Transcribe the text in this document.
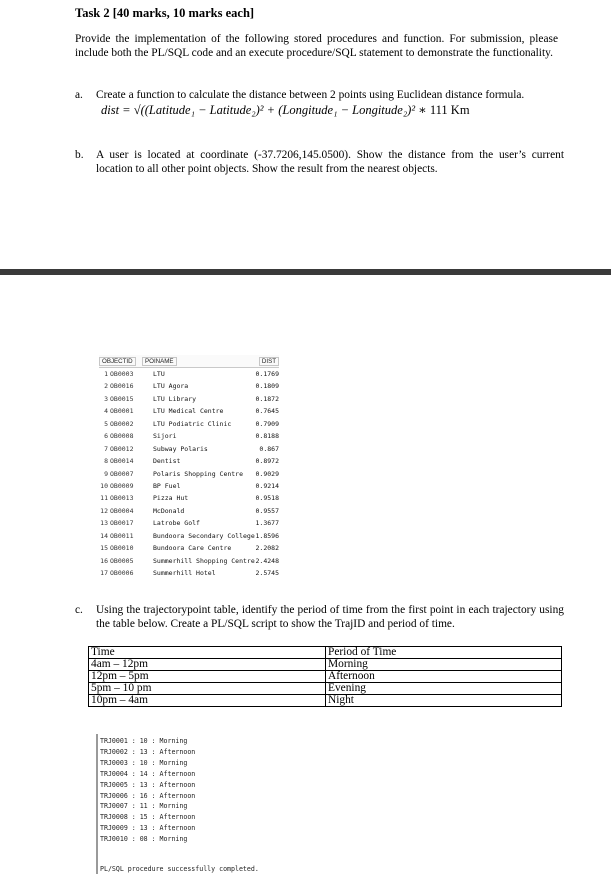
Task 2 [40 marks, 10 marks each]
Provide the implementation of the following stored procedures and function. For submission, please include both the PL/SQL code and an execute procedure/SQL statement to demonstrate the functionality.
a. Create a function to calculate the distance between 2 points using Euclidean distance formula.
dist = √((Latitude₁ − Latitude₂)² + (Longitude₁ − Longitude₂)² ∗ 111 Km
b. A user is located at coordinate (-37.7206,145.0500). Show the distance from the user’s current location to all other point objects. Show the result from the nearest objects.
OBJECTID	POINAME	DIST
1 OB0003	LTU	0.1769
2 OB0016	LTU Agora	0.1809
3 OB0015	LTU Library	0.1872
4 OB0001	LTU Medical Centre	0.7645
5 OB0002	LTU Podiatric Clinic	0.7909
6 OB0008	Sijori	0.8188
7 OB0012	Subway Polaris	0.867
8 OB0014	Dentist	0.8972
9 OB0007	Polaris Shopping Centre 0.9029
10 OB0009	BP Fuel	0.9214
11 OB0013	Pizza Hut	0.9518
12 OB0004	McDonald	0.9557
13 OB0017	Latrobe Golf	1.3677
14 OB0011	Bundoora Secondary College 1.8596
15 OB0010	Bundoora Care Centre	2.2082
16 OB0005	Summerhill Shopping Centre 2.4248
17 OB0006	Summerhill Hotel	2.5745
c. Using the trajectorypoint table, identify the period of time from the first point in each trajectory using the table below. Create a PL/SQL script to show the TrajID and period of time.
Time	Period of Time
4am – 12pm	Morning
12pm – 5pm	Afternoon
5pm – 10 pm	Evening
10pm – 4am	Night
TRJ0001 : 10 : Morning
TRJ0002 : 13 : Afternoon
TRJ0003 : 10 : Morning
TRJ0004 : 14 : Afternoon
TRJ0005 : 13 : Afternoon
TRJ0006 : 16 : Afternoon
TRJ0007 : 11 : Morning
TRJ0008 : 15 : Afternoon
TRJ0009 : 13 : Afternoon
TRJ0010 : 08 : Morning
PL/SQL procedure successfully completed.
